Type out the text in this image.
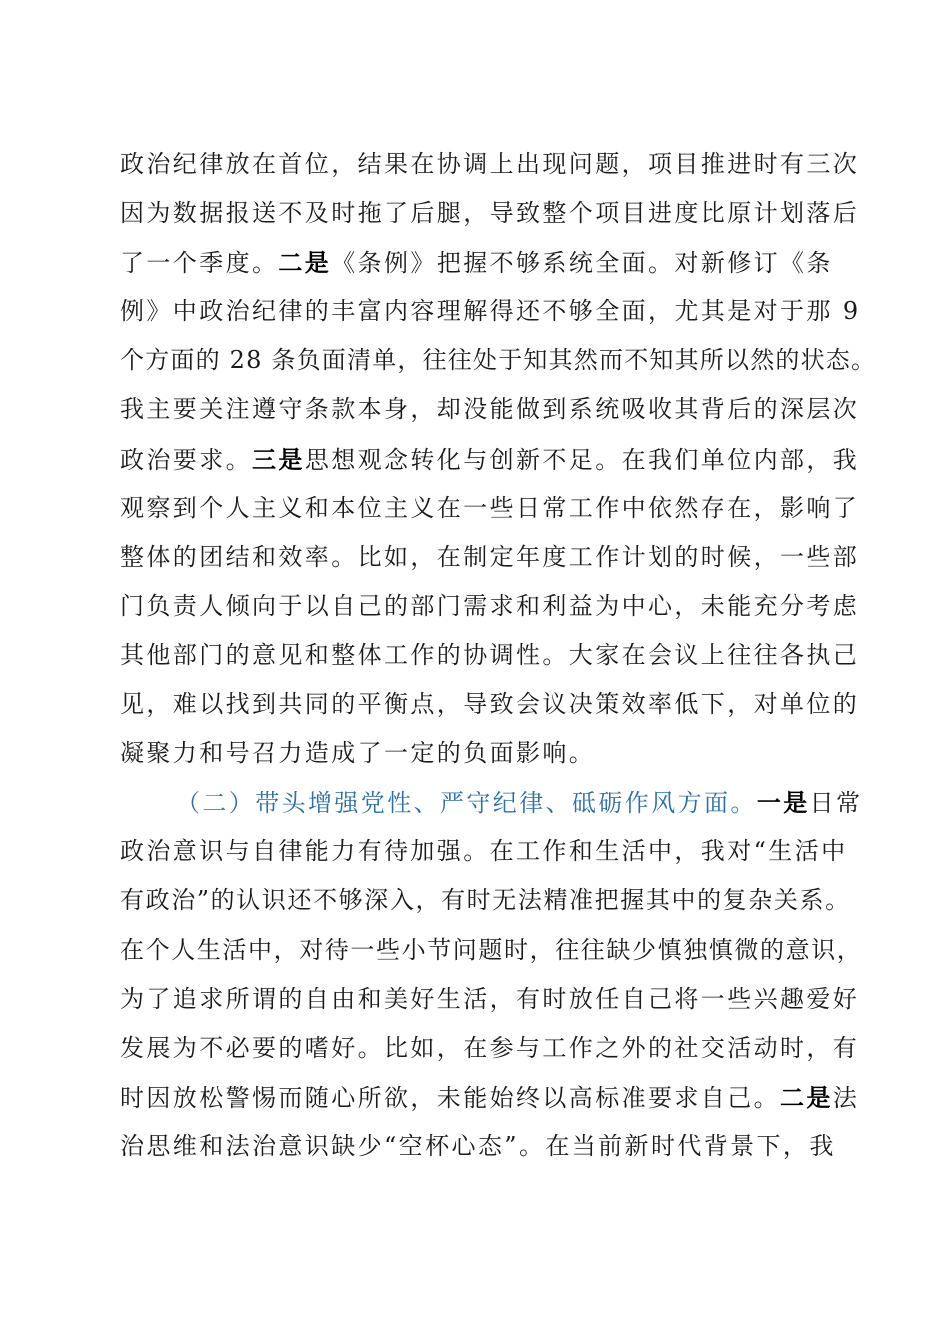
政治纪律放在首位，结果在协调上出现问题，项目推进时有三次
因为数据报送不及时拖了后腿，导致整个项目进度比原计划落后
了一个季度。二是《条例》把握不够系统全面。对新修订《条
例》中政治纪律的丰富内容理解得还不够全面，尤其是对于那 9
个方面的 28 条负面清单，往往处于知其然而不知其所以然的状态。
我主要关注遵守条款本身，却没能做到系统吸收其背后的深层次
政治要求。三是思想观念转化与创新不足。在我们单位内部，我
观察到个人主义和本位主义在一些日常工作中依然存在，影响了
整体的团结和效率。比如，在制定年度工作计划的时候，一些部
门负责人倾向于以自己的部门需求和利益为中心，未能充分考虑
其他部门的意见和整体工作的协调性。大家在会议上往往各执己
见，难以找到共同的平衡点，导致会议决策效率低下，对单位的
凝聚力和号召力造成了一定的负面影响。
（二）带头增强党性、严守纪律、砥砺作风方面。一是日常
政治意识与自律能力有待加强。在工作和生活中，我对“生活中
有政治”的认识还不够深入，有时无法精准把握其中的复杂关系。
在个人生活中，对待一些小节问题时，往往缺少慎独慎微的意识，
为了追求所谓的自由和美好生活，有时放任自己将一些兴趣爱好
发展为不必要的嗜好。比如，在参与工作之外的社交活动时，有
时因放松警惕而随心所欲，未能始终以高标准要求自己。二是法
治思维和法治意识缺少“空杯心态”。在当前新时代背景下，我
